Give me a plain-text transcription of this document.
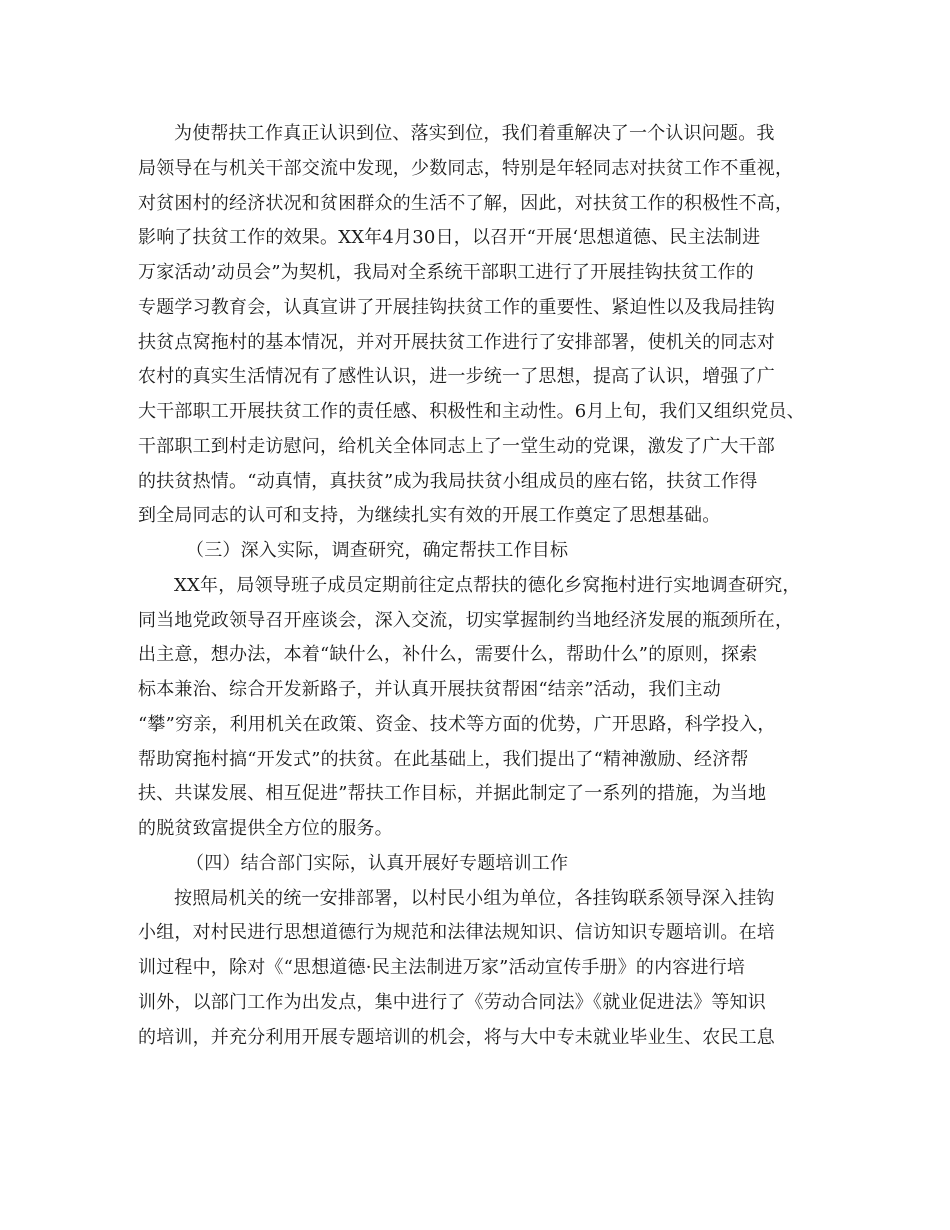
为使帮扶工作真正认识到位、落实到位，我们着重解决了一个认识问题。我
局领导在与机关干部交流中发现，少数同志，特别是年轻同志对扶贫工作不重视，
对贫困村的经济状况和贫困群众的生活不了解，因此，对扶贫工作的积极性不高，
影响了扶贫工作的效果。XX年4月30日，以召开“开展‘思想道德、民主法制进
万家活动’动员会”为契机，我局对全系统干部职工进行了开展挂钩扶贫工作的
专题学习教育会，认真宣讲了开展挂钩扶贫工作的重要性、紧迫性以及我局挂钩
扶贫点窝拖村的基本情况，并对开展扶贫工作进行了安排部署，使机关的同志对
农村的真实生活情况有了感性认识，进一步统一了思想，提高了认识，增强了广
大干部职工开展扶贫工作的责任感、积极性和主动性。6月上旬，我们又组织党员、
干部职工到村走访慰问，给机关全体同志上了一堂生动的党课，激发了广大干部
的扶贫热情。“动真情，真扶贫”成为我局扶贫小组成员的座右铭，扶贫工作得
到全局同志的认可和支持，为继续扎实有效的开展工作奠定了思想基础。
（三）深入实际，调查研究，确定帮扶工作目标
XX年，局领导班子成员定期前往定点帮扶的德化乡窝拖村进行实地调查研究，
同当地党政领导召开座谈会，深入交流，切实掌握制约当地经济发展的瓶颈所在，
出主意，想办法，本着“缺什么，补什么，需要什么，帮助什么”的原则，探索
标本兼治、综合开发新路子，并认真开展扶贫帮困“结亲”活动，我们主动
“攀”穷亲，利用机关在政策、资金、技术等方面的优势，广开思路，科学投入，
帮助窝拖村搞“开发式”的扶贫。在此基础上，我们提出了“精神激励、经济帮
扶、共谋发展、相互促进”帮扶工作目标，并据此制定了一系列的措施，为当地
的脱贫致富提供全方位的服务。
（四）结合部门实际，认真开展好专题培训工作
按照局机关的统一安排部署，以村民小组为单位，各挂钩联系领导深入挂钩
小组，对村民进行思想道德行为规范和法律法规知识、信访知识专题培训。在培
训过程中，除对《“思想道德·民主法制进万家”活动宣传手册》的内容进行培
训外，以部门工作为出发点，集中进行了《劳动合同法》《就业促进法》等知识
的培训，并充分利用开展专题培训的机会，将与大中专未就业毕业生、农民工息
